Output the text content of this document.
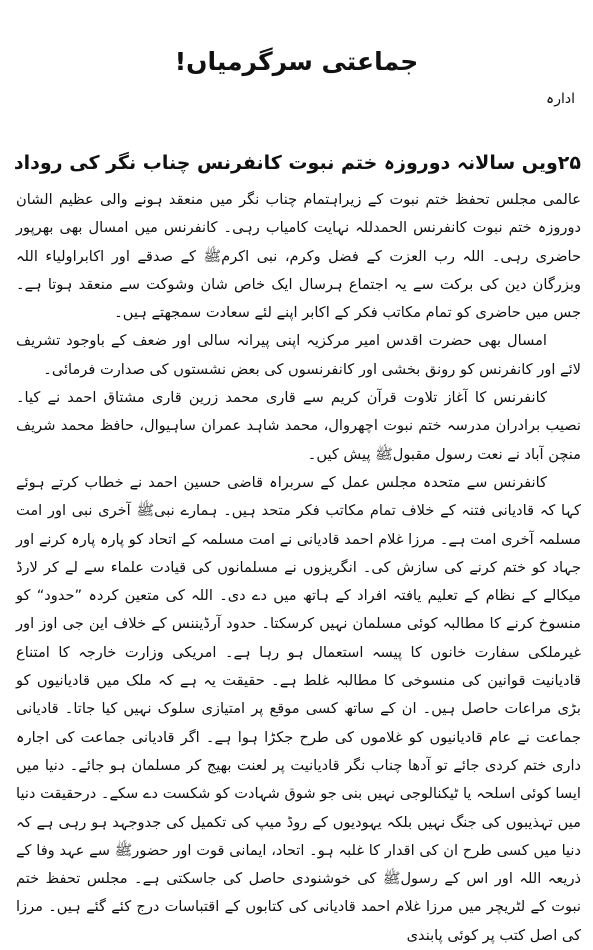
جماعتی سرگرمیاں!
ادارہ
۲۵ویں سالانہ دوروزہ ختم نبوت کانفرنس چناب نگر کی روداد

عالمی مجلس تحفظ ختم نبوت کے زیراہتمام چناب نگر میں منعقد ہونے والی عظیم الشان دوروزہ ختم نبوت کانفرنس الحمدللہ نہایت کامیاب رہی۔ کانفرنس میں امسال بھی بھرپور حاضری رہی۔ اللہ رب العزت کے فضل وکرم، نبی اکرمﷺ کے صدقے اور اکابراولیاء اللہ وبزرگان دین کی برکت سے یہ اجتماع ہرسال ایک خاص شان وشوکت سے منعقد ہوتا ہے۔ جس میں حاضری کو تمام مکاتب فکر کے اکابر اپنے لئے سعادت سمجھتے ہیں۔

امسال بھی حضرت اقدس امیر مرکزیہ اپنی پیرانہ سالی اور ضعف کے باوجود تشریف لائے اور کانفرنس کو رونق بخشی اور کانفرنسوں کی بعض نشستوں کی صدارت فرمائی۔

کانفرنس کا آغاز تلاوت قرآن کریم سے قاری محمد زرین قاری مشتاق احمد نے کیا۔ نصیب برادران مدرسہ ختم نبوت اچھروال، محمد شاہد عمران ساہیوال، حافظ محمد شریف منچن آباد نے نعت رسول مقبولﷺ پیش کیں۔

کانفرنس سے متحدہ مجلس عمل کے سربراہ قاضی حسین احمد نے خطاب کرتے ہوئے کہا کہ قادیانی فتنہ کے خلاف تمام مکاتب فکر متحد ہیں۔ ہمارے نبیﷺ آخری نبی اور امت مسلمہ آخری امت ہے۔ مرزا غلام احمد قادیانی نے امت مسلمہ کے اتحاد کو پارہ پارہ کرنے اور جہاد کو ختم کرنے کی سازش کی۔ انگریزوں نے مسلمانوں کی قیادت علماء سے لے کر لارڈ میکالے کے نظام کے تعلیم یافتہ افراد کے ہاتھ میں دے دی۔ اللہ کی متعین کردہ ”حدود“ کو منسوخ کرنے کا مطالبہ کوئی مسلمان نہیں کرسکتا۔ حدود آرڈیننس کے خلاف این جی اوز اور غیرملکی سفارت خانوں کا پیسہ استعمال ہو رہا ہے۔ امریکی وزارت خارجہ کا امتناع قادیانیت قوانین کی منسوخی کا مطالبہ غلط ہے۔ حقیقت یہ ہے کہ ملک میں قادیانیوں کو بڑی مراعات حاصل ہیں۔ ان کے ساتھ کسی موقع پر امتیازی سلوک نہیں کیا جاتا۔ قادیانی جماعت نے عام قادیانیوں کو غلاموں کی طرح جکڑا ہوا ہے۔ اگر قادیانی جماعت کی اجارہ داری ختم کردی جائے تو آدھا چناب نگر قادیانیت پر لعنت بھیج کر مسلمان ہو جائے۔ دنیا میں ایسا کوئی اسلحہ یا ٹیکنالوجی نہیں بنی جو شوق شہادت کو شکست دے سکے۔ درحقیقت دنیا میں تہذیبوں کی جنگ نہیں بلکہ یہودیوں کے روڈ میپ کی تکمیل کی جدوجہد ہو رہی ہے کہ دنیا میں کسی طرح ان کی اقدار کا غلبہ ہو۔ اتحاد، ایمانی قوت اور حضورﷺ سے عہد وفا کے ذریعہ اللہ اور اس کے رسولﷺ کی خوشنودی حاصل کی جاسکتی ہے۔ مجلس تحفظ ختم نبوت کے لٹریچر میں مرزا غلام احمد قادیانی کی کتابوں کے اقتباسات درج کئے گئے ہیں۔ مرزا کی اصل کتب پر کوئی پابندی
